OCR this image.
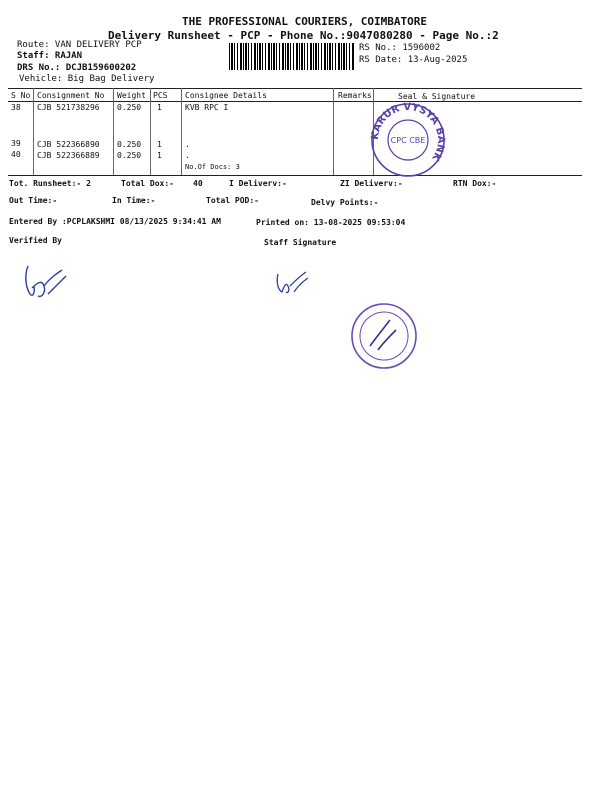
THE PROFESSIONAL COURIERS, COIMBATORE
Delivery Runsheet - PCP - Phone No.:9047080280 - Page No.:2
Route: VAN DELIVERY PCP
Staff: RAJAN
DRS No.: DCJB159600202
Vehicle: Big Bag Delivery
RS No.: 1596002
RS Date: 13-Aug-2025
S No Consignment No Weight PCS Consignee Details	Remarks	Seal & Signature
38 CJB 521738296 0.250 1	KVB RPC I
39 CJB 522366890 0.250 1	.
40 CJB 522366889 0.250 1	.
No.Of Docs: 3
KARUR VYSYA BANK
CPC CBE
Tot. Runsheet:- 2	Total Dox:- 40	I Deliverv:-	ZI Deliverv:-	RTN Dox:-
Out Time:-	In Time:-	Total POD:-	Delvy Points:-
Entered By :PCPLAKSHMI 08/13/2025 9:34:41 AM	Printed on: 13-08-2025 09:53:04
Verified By	Staff Signature
